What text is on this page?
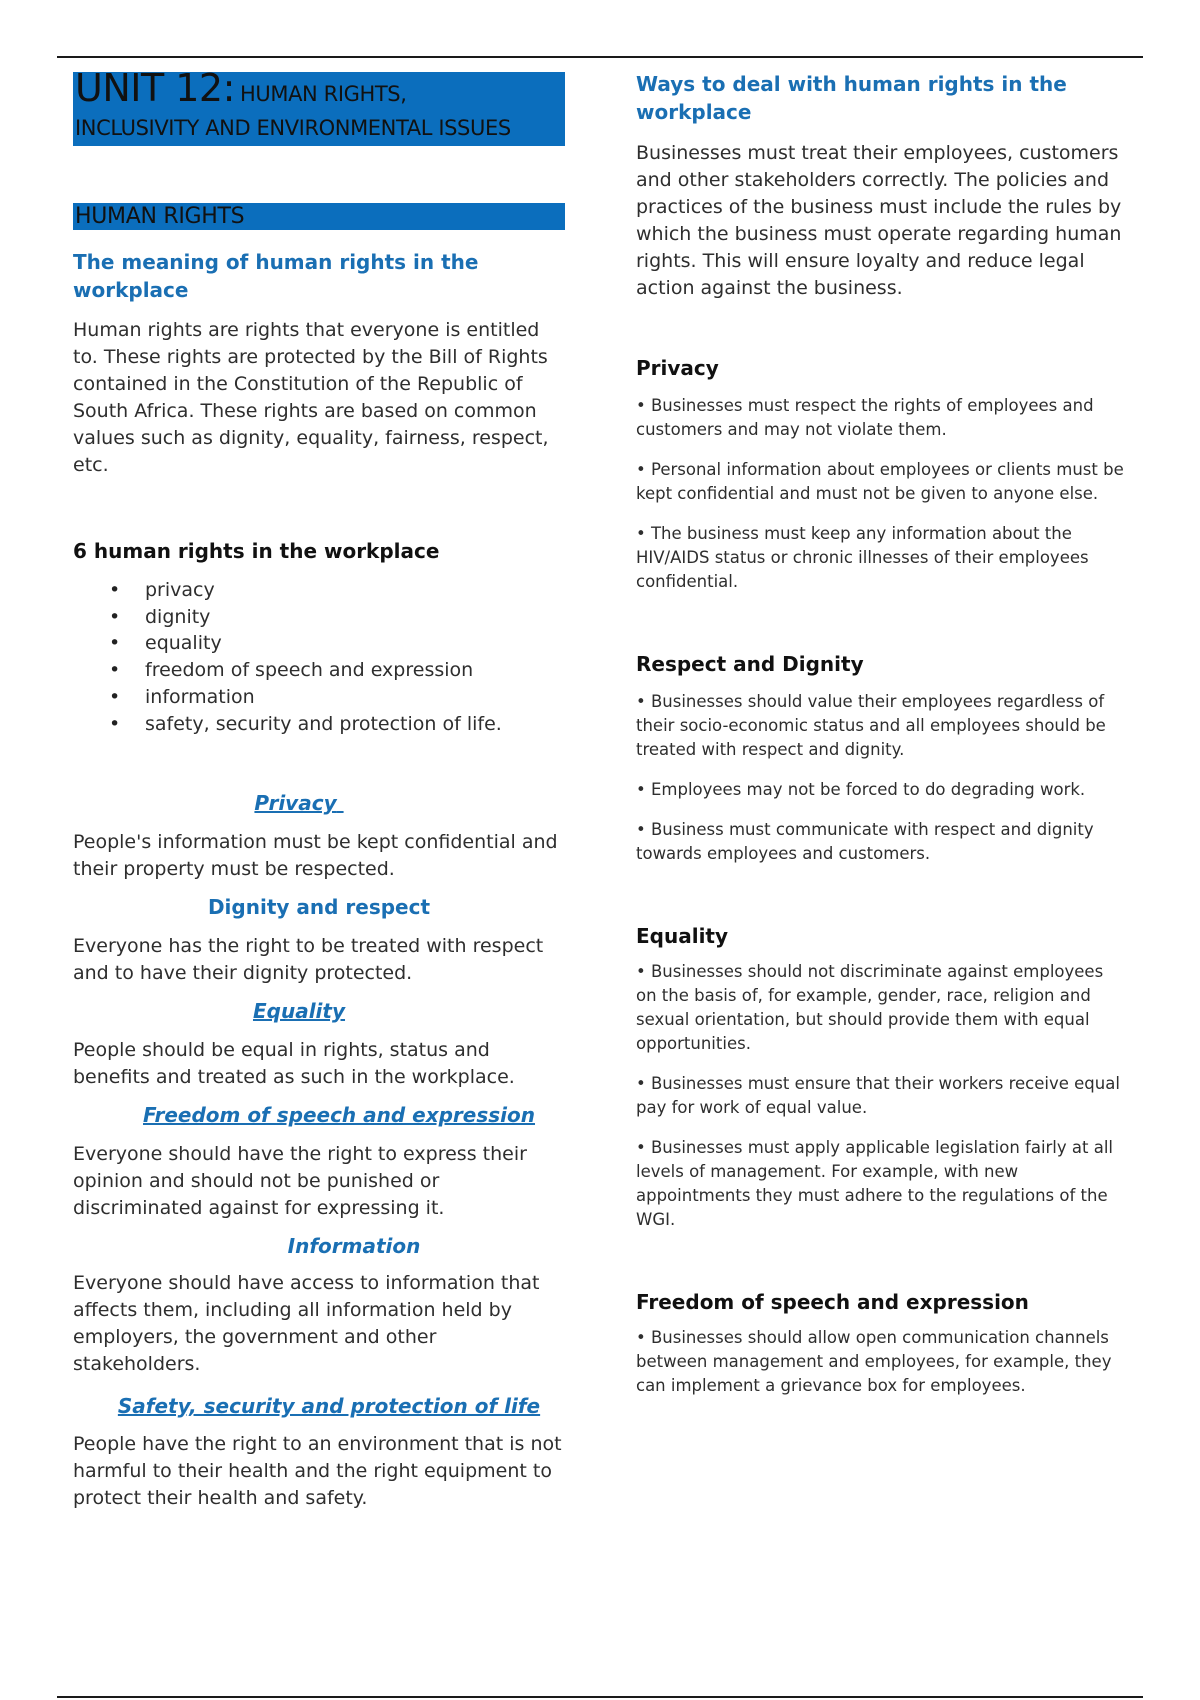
UNIT 12: HUMAN RIGHTS,
INCLUSIVITY AND ENVIRONMENTAL ISSUES
HUMAN RIGHTS
The meaning of human rights in the workplace
Human rights are rights that everyone is entitled to. These rights are protected by the Bill of Rights contained in the Constitution of the Republic of South Africa. These rights are based on common values such as dignity, equality, fairness, respect, etc.
6 human rights in the workplace
• privacy
• dignity
• equality
• freedom of speech and expression
• information
• safety, security and protection of life.
Privacy
People's information must be kept confidential and their property must be respected.
Dignity and respect
Everyone has the right to be treated with respect and to have their dignity protected.
Equality
People should be equal in rights, status and benefits and treated as such in the workplace.
Freedom of speech and expression
Everyone should have the right to express their opinion and should not be punished or discriminated against for expressing it.
Information
Everyone should have access to information that affects them, including all information held by employers, the government and other stakeholders.
Safety, security and protection of life
People have the right to an environment that is not harmful to their health and the right equipment to protect their health and safety.
Ways to deal with human rights in the workplace
Businesses must treat their employees, customers and other stakeholders correctly. The policies and practices of the business must include the rules by which the business must operate regarding human rights. This will ensure loyalty and reduce legal action against the business.
Privacy
• Businesses must respect the rights of employees and customers and may not violate them.
• Personal information about employees or clients must be kept confidential and must not be given to anyone else.
• The business must keep any information about the HIV/AIDS status or chronic illnesses of their employees confidential.
Respect and Dignity
• Businesses should value their employees regardless of their socio-economic status and all employees should be treated with respect and dignity.
• Employees may not be forced to do degrading work.
• Business must communicate with respect and dignity towards employees and customers.
Equality
• Businesses should not discriminate against employees on the basis of, for example, gender, race, religion and sexual orientation, but should provide them with equal opportunities.
• Businesses must ensure that their workers receive equal pay for work of equal value.
• Businesses must apply applicable legislation fairly at all levels of management. For example, with new appointments they must adhere to the regulations of the WGI.
Freedom of speech and expression
• Businesses should allow open communication channels between management and employees, for example, they can implement a grievance box for employees.
